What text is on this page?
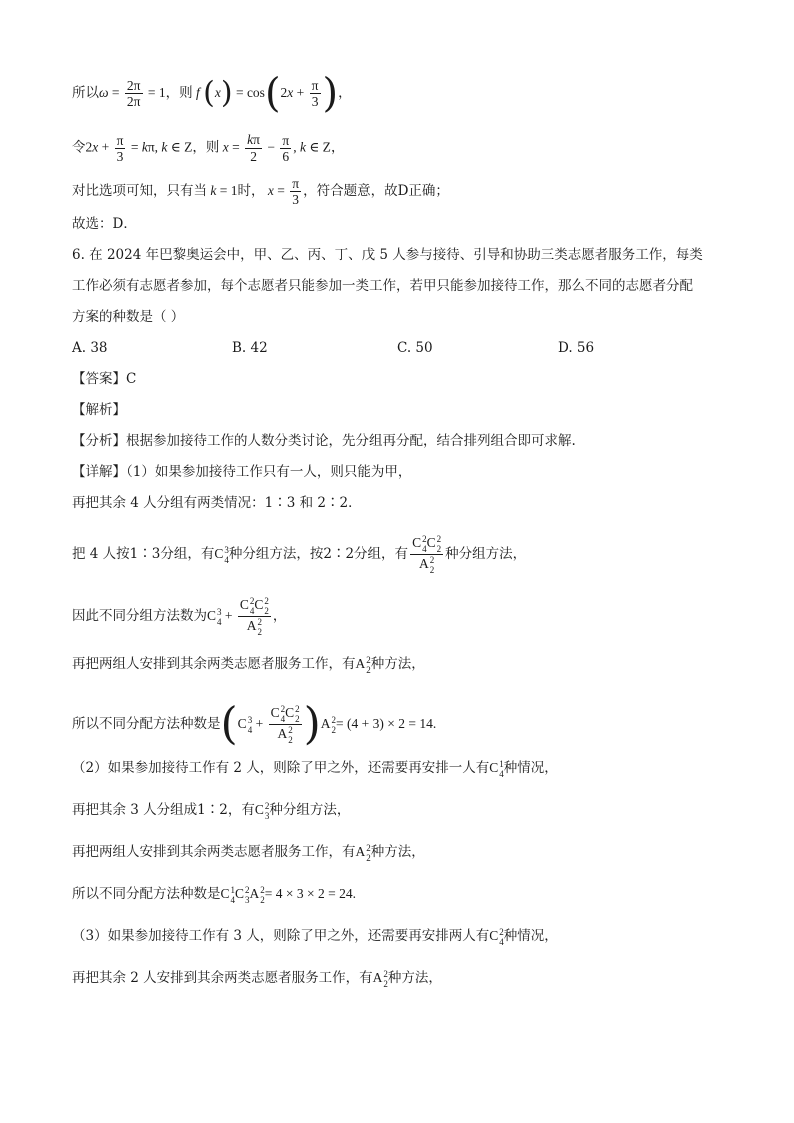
所以$\omega = \frac{2\pi}{2\pi} = 1$，则 f $(x) = \cos(2x + \frac{\pi}{3}$ )，
令$2x + \frac{\pi}{3} = k\pi$, k ∈ Z，则 $x = \frac{k\pi}{2} - \frac{\pi}{6}$ , k ∈ Z，
对比选项可知，只有当 k = 1时， $x = \frac{\pi}{3}$ ，符合题意，故D正确；
故选：D．
6. 在 2024 年巴黎奥运会中，甲、乙、丙、丁、戊 5 人参与接待、引导和协助三类志愿者服务工作，每类
工作必须有志愿者参加，每个志愿者只能参加一类工作，若甲只能参加接待工作，那么不同的志愿者分配
方案的种数是（ ）
A. 38	B. 42	C. 50	D. 56
【答案】C
【解析】
【分析】根据参加接待工作的人数分类讨论，先分组再分配，结合排列组合即可求解.
【详解】（1）如果参加接待工作只有一人，则只能为甲，
再把其余 4 人分组有两类情况：1∶3 和 2∶2．
把 4 人按1∶3分组，有C 3
4 种分组方法，按2∶2分组，有 C 2
4 C 2
2
A 2
2 种分组方法，
因此不同分组方法数为C 3
4 + C 2
4 C 2
2
A 2
2 ，
再把两组人安排到其余两类志愿者服务工作，有A 2
2 种方法，
所以不同分配方法种数是(C 3
4 + C 2
4 C 2
2
A 2
2 )A 2
2 = (4 + 3) × 2 = 14.
（2）如果参加接待工作有 2 人，则除了甲之外，还需要再安排一人有C 1
4 种情况，
再把其余 3 人分组成1∶2，有C 2
3 种分组方法，
再把两组人安排到其余两类志愿者服务工作，有A 2
2 种方法，
所以不同分配方法种数是C 1
4 C 2
3 A 2
2 = 4 × 3 × 2 = 24.
（3）如果参加接待工作有 3 人，则除了甲之外，还需要再安排两人有C 2
4 种情况，
再把其余 2 人安排到其余两类志愿者服务工作，有A 2
2 种方法，
